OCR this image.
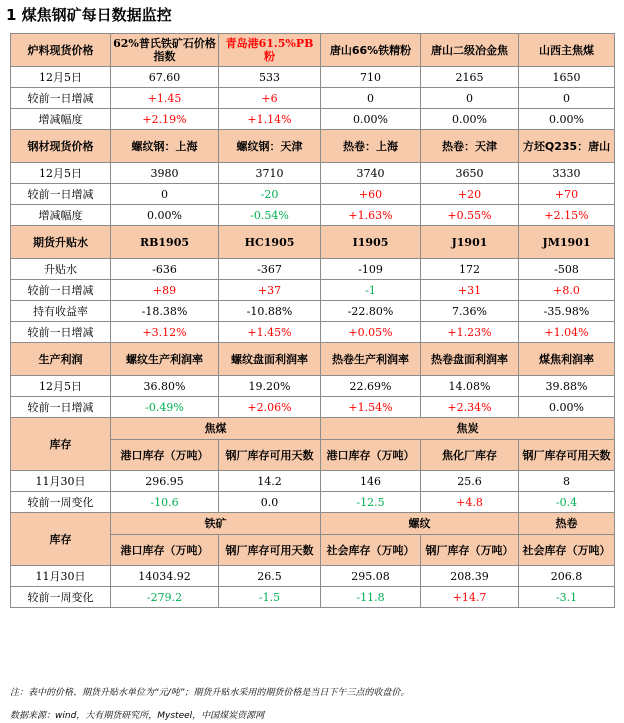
1 煤焦钢矿每日数据监控
炉料现货价格	62%普氏铁矿石价格指数	青岛港61.5%PB粉	唐山66%铁精粉	唐山二级冶金焦	山西主焦煤
12月5日	67.60	533	710	2165	1650
较前一日增减	+1.45	+6	0	0	0
增减幅度	+2.19%	+1.14%	0.00%	0.00%	0.00%
钢材现货价格	螺纹钢：上海	螺纹钢：天津	热卷：上海	热卷：天津	方坯Q235：唐山
12月5日	3980	3710	3740	3650	3330
较前一日增减	0	-20	+60	+20	+70
增减幅度	0.00%	-0.54%	+1.63%	+0.55%	+2.15%
期货升贴水	RB1905	HC1905	I1905	J1901	JM1901
升贴水	-636	-367	-109	172	-508
较前一日增减	+89	+37	-1	+31	+8.0
持有收益率	-18.38%	-10.88%	-22.80%	7.36%	-35.98%
较前一日增减	+3.12%	+1.45%	+0.05%	+1.23%	+1.04%
生产利润	螺纹生产利润率	螺纹盘面利润率	热卷生产利润率	热卷盘面利润率	煤焦利润率
12月5日	36.80%	19.20%	22.69%	14.08%	39.88%
较前一日增减	-0.49%	+2.06%	+1.54%	+2.34%	0.00%
库存	焦煤		焦炭		
	港口库存（万吨）	钢厂库存可用天数	港口库存（万吨）	焦化厂库存	钢厂库存可用天数
11月30日	296.95	14.2	146	25.6	8
较前一周变化	-10.6	0.0	-12.5	+4.8	-0.4
库存	铁矿		螺纹		热卷
	港口库存（万吨）	钢厂库存可用天数	社会库存（万吨）	钢厂库存（万吨）	社会库存（万吨）
11月30日	14034.92	26.5	295.08	208.39	206.8
较前一周变化	-279.2	-1.5	-11.8	+14.7	-3.1
注：表中的价格、期货升贴水单位为“元/吨”；期货升贴水采用的期货价格是当日下午三点的收盘价。
数据来源：wind，大有期货研究所，Mysteel，中国煤炭资源网
